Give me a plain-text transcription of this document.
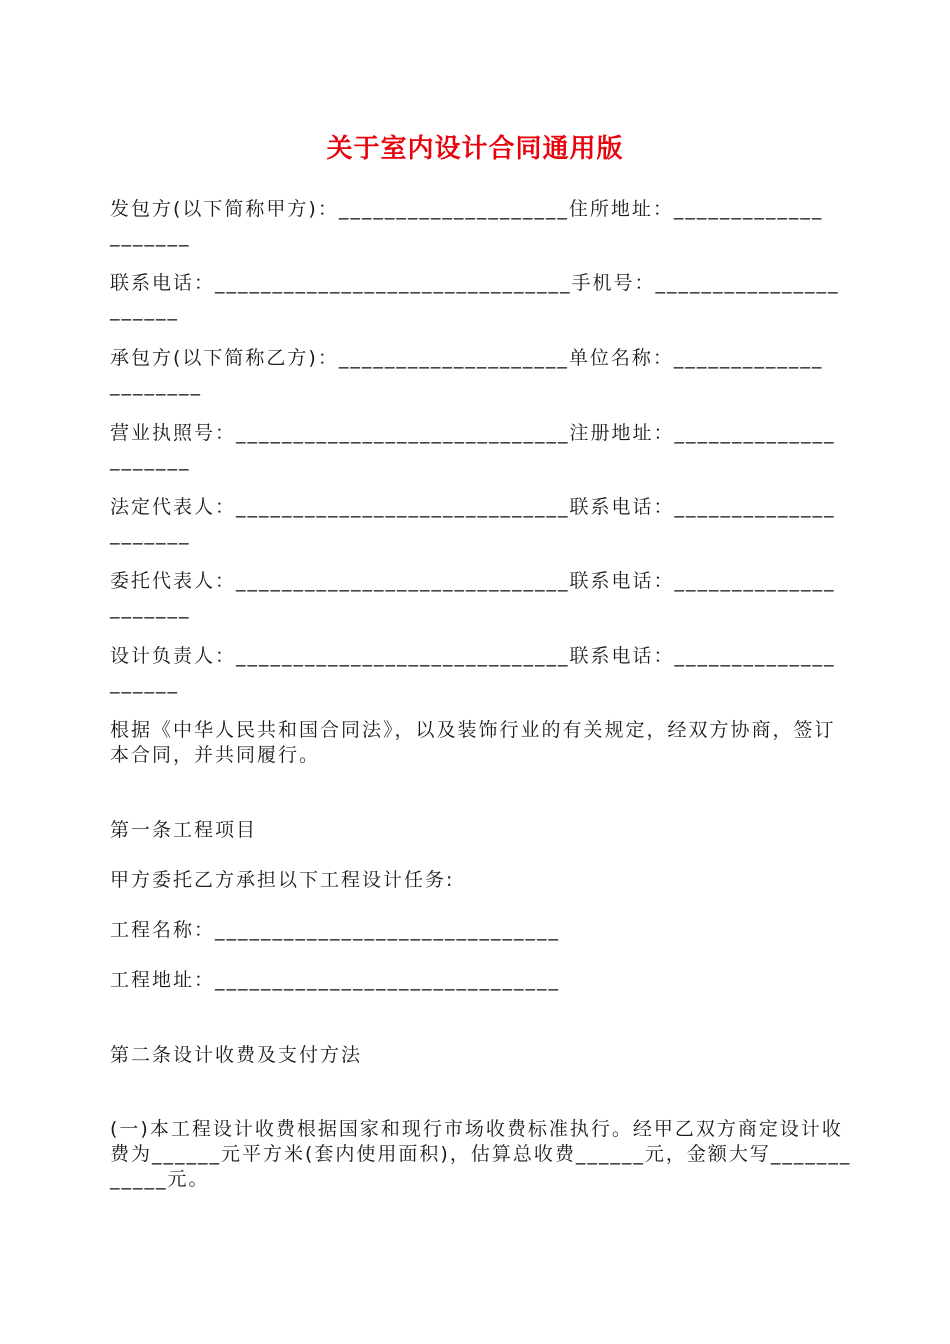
关于室内设计合同通用版
发包方(以下简称甲方)：____________________住所地址：_____________
_______
联系电话：_______________________________手机号：________________
______
承包方(以下简称乙方)：____________________单位名称：_____________
________
营业执照号：_____________________________注册地址：______________
_______
法定代表人：_____________________________联系电话：______________
_______
委托代表人：_____________________________联系电话：______________
_______
设计负责人：_____________________________联系电话：______________
______
根据《中华人民共和国合同法》，以及装饰行业的有关规定，经双方协商，签订本合同，并共同履行。
第一条工程项目
甲方委托乙方承担以下工程设计任务:
工程名称：______________________________
工程地址：______________________________
第二条设计收费及支付方法
(一)本工程设计收费根据国家和现行市场收费标准执行。经甲乙双方商定设计收费为______元平方米(套内使用面积)，估算总收费______元，金额大写____________元。
